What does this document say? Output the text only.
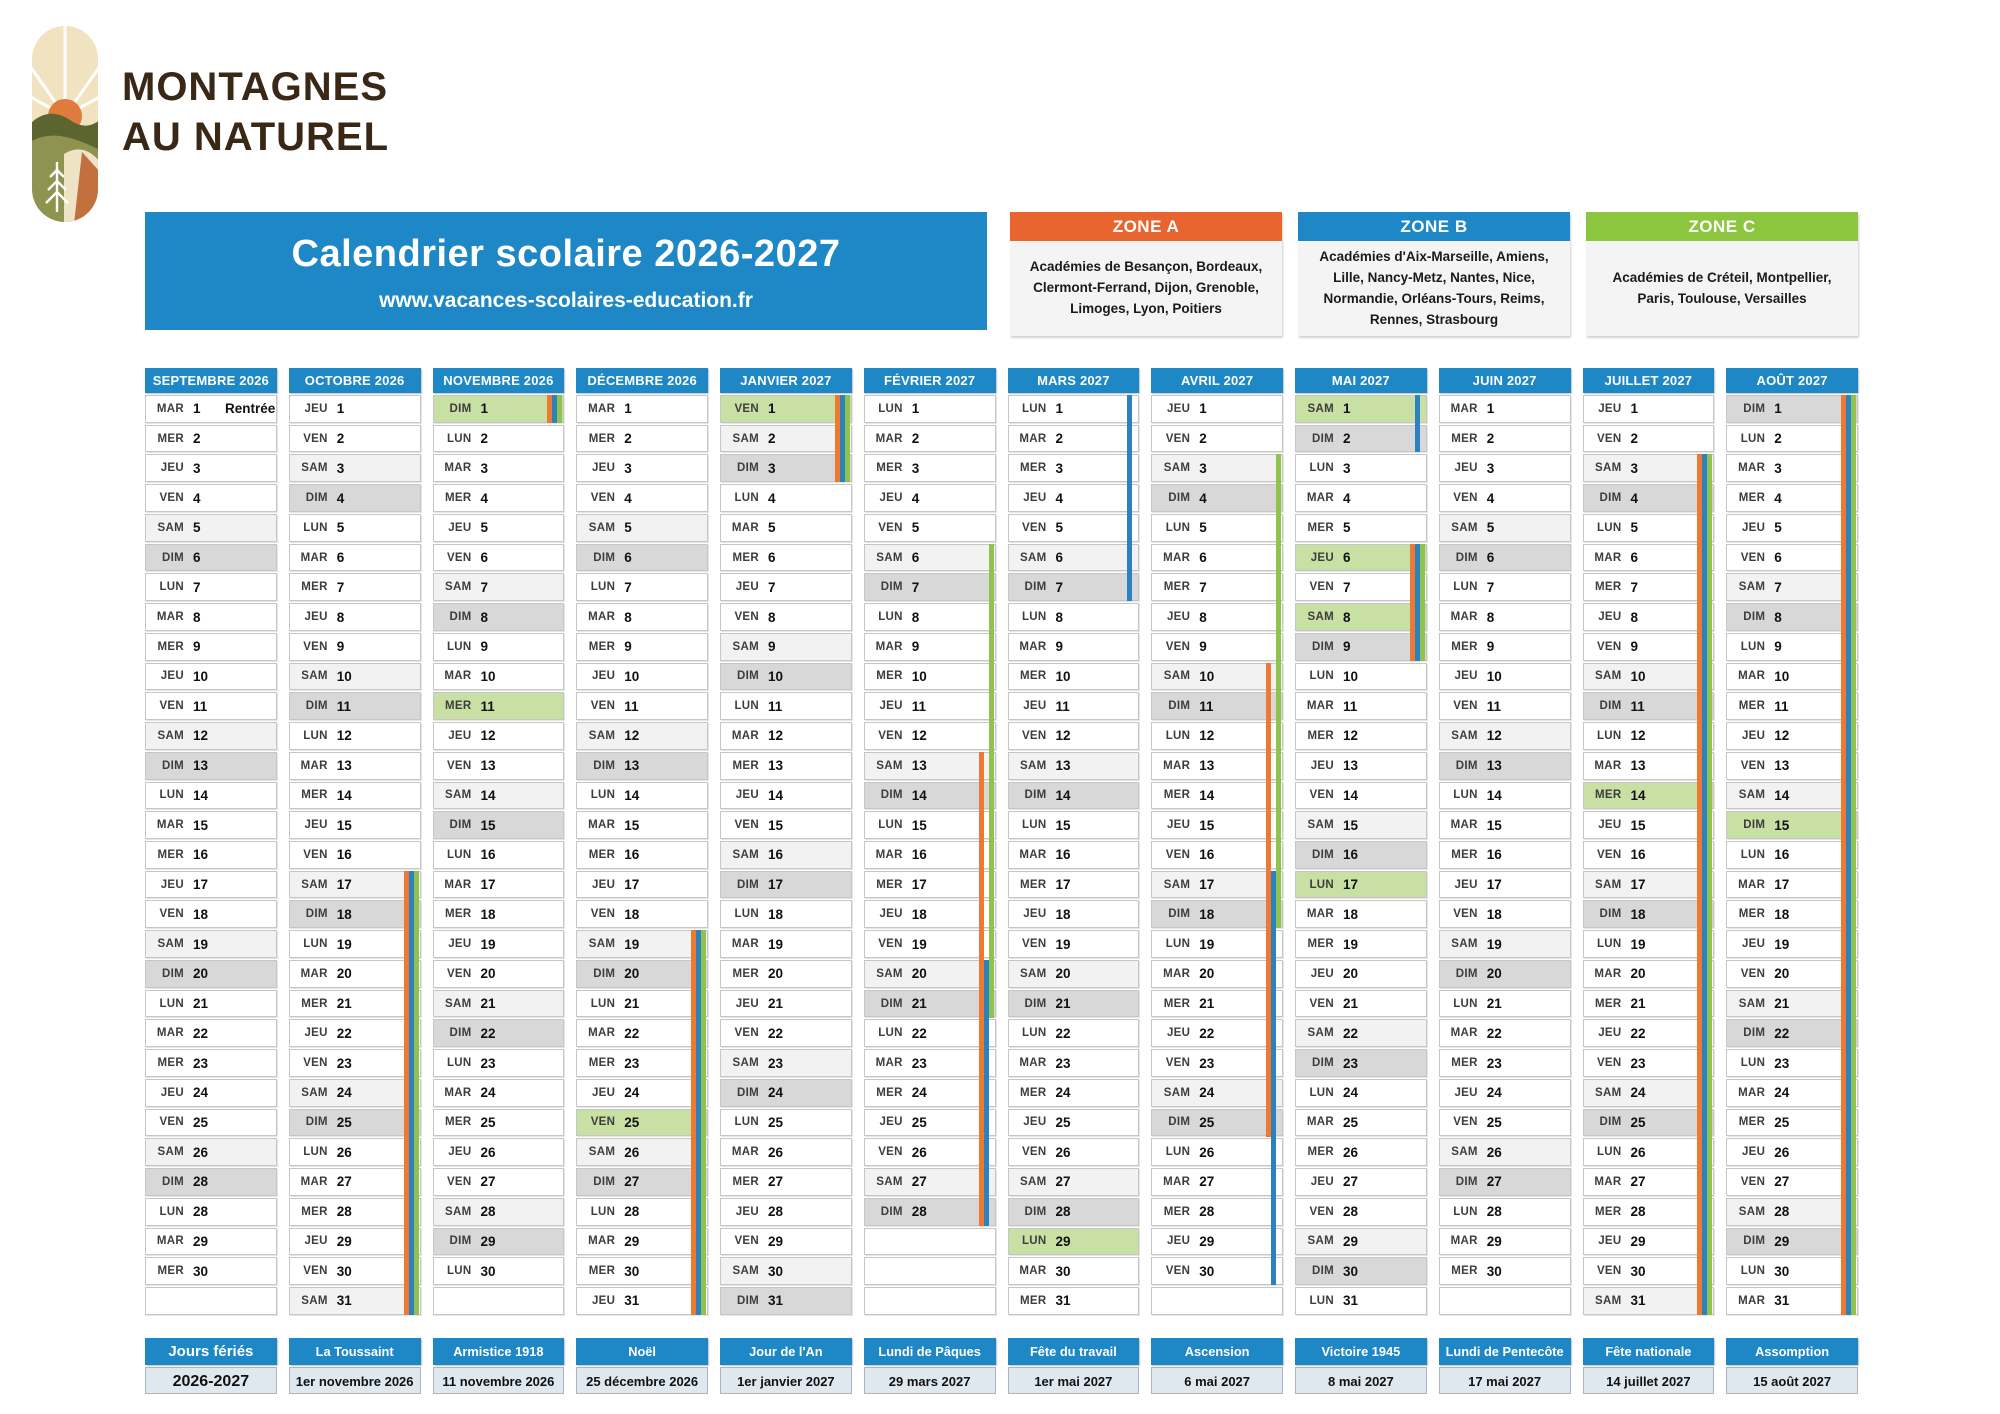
MONTAGNES
AU NATUREL
Calendrier scolaire 2026-2027
www.vacances-scolaires-education.fr
ZONE A
Académies de Besançon, Bordeaux, Clermont-Ferrand, Dijon, Grenoble, Limoges, Lyon, Poitiers
ZONE B
Académies d'Aix-Marseille, Amiens, Lille, Nancy-Metz, Nantes, Nice, Normandie, Orléans-Tours, Reims, Rennes, Strasbourg
ZONE C
Académies de Créteil, Montpellier, Paris, Toulouse, Versailles
SEPTEMBRE 2026
MAR 1	Rentrée
MER 2
JEU 3
VEN 4
SAM 5
DIM 6
LUN 7
MAR 8
MER 9
JEU 10
VEN 11
SAM 12
DIM 13
LUN 14
MAR 15
MER 16
JEU 17
VEN 18
SAM 19
DIM 20
LUN 21
MAR 22
MER 23
JEU 24
VEN 25
SAM 26
DIM 28
LUN 28
MAR 29
MER 30
OCTOBRE 2026
JEU 1
VEN 2
SAM 3
DIM 4
LUN 5
MAR 6
MER 7
JEU 8
VEN 9
SAM 10
DIM 11
LUN 12
MAR 13
MER 14
JEU 15
VEN 16
SAM 17
DIM 18
LUN 19
MAR 20
MER 21
JEU 22
VEN 23
SAM 24
DIM 25
LUN 26
MAR 27
MER 28
JEU 29
VEN 30
SAM 31
NOVEMBRE 2026
DIM 1
LUN 2
MAR 3
MER 4
JEU 5
VEN 6
SAM 7
DIM 8
LUN 9
MAR 10
MER 11
JEU 12
VEN 13
SAM 14
DIM 15
LUN 16
MAR 17
MER 18
JEU 19
VEN 20
SAM 21
DIM 22
LUN 23
MAR 24
MER 25
JEU 26
VEN 27
SAM 28
DIM 29
LUN 30
DÉCEMBRE 2026
MAR 1
MER 2
JEU 3
VEN 4
SAM 5
DIM 6
LUN 7
MAR 8
MER 9
JEU 10
VEN 11
SAM 12
DIM 13
LUN 14
MAR 15
MER 16
JEU 17
VEN 18
SAM 19
DIM 20
LUN 21
MAR 22
MER 23
JEU 24
VEN 25
SAM 26
DIM 27
LUN 28
MAR 29
MER 30
JEU 31
JANVIER 2027
VEN 1
SAM 2
DIM 3
LUN 4
MAR 5
MER 6
JEU 7
VEN 8
SAM 9
DIM 10
LUN 11
MAR 12
MER 13
JEU 14
VEN 15
SAM 16
DIM 17
LUN 18
MAR 19
MER 20
JEU 21
VEN 22
SAM 23
DIM 24
LUN 25
MAR 26
MER 27
JEU 28
VEN 29
SAM 30
DIM 31
FÉVRIER 2027
LUN 1
MAR 2
MER 3
JEU 4
VEN 5
SAM 6
DIM 7
LUN 8
MAR 9
MER 10
JEU 11
VEN 12
SAM 13
DIM 14
LUN 15
MAR 16
MER 17
JEU 18
VEN 19
SAM 20
DIM 21
LUN 22
MAR 23
MER 24
JEU 25
VEN 26
SAM 27
DIM 28
MARS 2027
LUN 1
MAR 2
MER 3
JEU 4
VEN 5
SAM 6
DIM 7
LUN 8
MAR 9
MER 10
JEU 11
VEN 12
SAM 13
DIM 14
LUN 15
MAR 16
MER 17
JEU 18
VEN 19
SAM 20
DIM 21
LUN 22
MAR 23
MER 24
JEU 25
VEN 26
SAM 27
DIM 28
LUN 29
MAR 30
MER 31
AVRIL 2027
JEU 1
VEN 2
SAM 3
DIM 4
LUN 5
MAR 6
MER 7
JEU 8
VEN 9
SAM 10
DIM 11
LUN 12
MAR 13
MER 14
JEU 15
VEN 16
SAM 17
DIM 18
LUN 19
MAR 20
MER 21
JEU 22
VEN 23
SAM 24
DIM 25
LUN 26
MAR 27
MER 28
JEU 29
VEN 30
MAI 2027
SAM 1
DIM 2
LUN 3
MAR 4
MER 5
JEU 6
VEN 7
SAM 8
DIM 9
LUN 10
MAR 11
MER 12
JEU 13
VEN 14
SAM 15
DIM 16
LUN 17
MAR 18
MER 19
JEU 20
VEN 21
SAM 22
DIM 23
LUN 24
MAR 25
MER 26
JEU 27
VEN 28
SAM 29
DIM 30
LUN 31
JUIN 2027
MAR 1
MER 2
JEU 3
VEN 4
SAM 5
DIM 6
LUN 7
MAR 8
MER 9
JEU 10
VEN 11
SAM 12
DIM 13
LUN 14
MAR 15
MER 16
JEU 17
VEN 18
SAM 19
DIM 20
LUN 21
MAR 22
MER 23
JEU 24
VEN 25
SAM 26
DIM 27
LUN 28
MAR 29
MER 30
JUILLET 2027
JEU 1
VEN 2
SAM 3
DIM 4
LUN 5
MAR 6
MER 7
JEU 8
VEN 9
SAM 10
DIM 11
LUN 12
MAR 13
MER 14
JEU 15
VEN 16
SAM 17
DIM 18
LUN 19
MAR 20
MER 21
JEU 22
VEN 23
SAM 24
DIM 25
LUN 26
MAR 27
MER 28
JEU 29
VEN 30
SAM 31
AOÛT 2027
DIM 1
LUN 2
MAR 3
MER 4
JEU 5
VEN 6
SAM 7
DIM 8
LUN 9
MAR 10
MER 11
JEU 12
VEN 13
SAM 14
DIM 15
LUN 16
MAR 17
MER 18
JEU 19
VEN 20
SAM 21
DIM 22
LUN 23
MAR 24
MER 25
JEU 26
VEN 27
SAM 28
DIM 29
LUN 30
MAR 31
Jours fériés
2026-2027
La Toussaint
1er novembre 2026
Armistice 1918
11 novembre 2026
Noël
25 décembre 2026
Jour de l'An
1er janvier 2027
Lundi de Pâques
29 mars 2027
Fête du travail
1er mai 2027
Ascension
6 mai 2027
Victoire 1945
8 mai 2027
Lundi de Pentecôte
17 mai 2027
Fête nationale
14 juillet 2027
Assomption
15 août 2027
